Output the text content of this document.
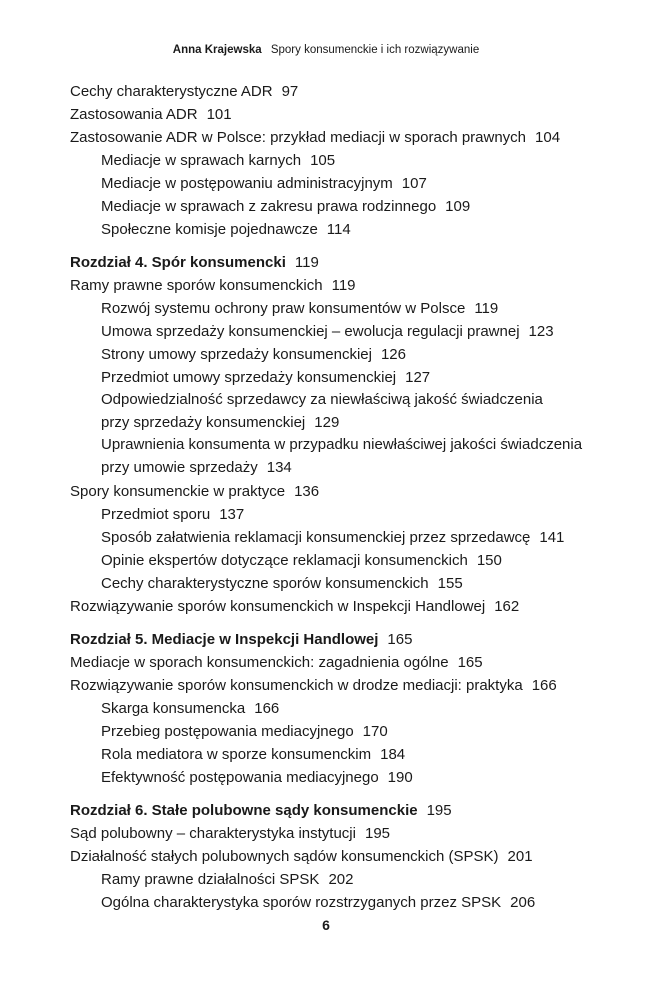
Anna Krajewska Spory konsumenckie i ich rozwiązywanie
Cechy charakterystyczne ADR 97
Zastosowania ADR 101
Zastosowanie ADR w Polsce: przykład mediacji w sporach prawnych 104
Mediacje w sprawach karnych 105
Mediacje w postępowaniu administracyjnym 107
Mediacje w sprawach z zakresu prawa rodzinnego 109
Społeczne komisje pojednawcze 114
Rozdział 4. Spór konsumencki 119
Ramy prawne sporów konsumenckich 119
Rozwój systemu ochrony praw konsumentów w Polsce 119
Umowa sprzedaży konsumenckiej – ewolucja regulacji prawnej 123
Strony umowy sprzedaży konsumenckiej 126
Przedmiot umowy sprzedaży konsumenckiej 127
Odpowiedzialność sprzedawcy za niewłaściwą jakość świadczenia
przy sprzedaży konsumenckiej 129
Uprawnienia konsumenta w przypadku niewłaściwej jakości świadczenia
przy umowie sprzedaży 134
Spory konsumenckie w praktyce 136
Przedmiot sporu 137
Sposób załatwienia reklamacji konsumenckiej przez sprzedawcę 141
Opinie ekspertów dotyczące reklamacji konsumenckich 150
Cechy charakterystyczne sporów konsumenckich 155
Rozwiązywanie sporów konsumenckich w Inspekcji Handlowej 162
Rozdział 5. Mediacje w Inspekcji Handlowej 165
Mediacje w sporach konsumenckich: zagadnienia ogólne 165
Rozwiązywanie sporów konsumenckich w drodze mediacji: praktyka 166
Skarga konsumencka 166
Przebieg postępowania mediacyjnego 170
Rola mediatora w sporze konsumenckim 184
Efektywność postępowania mediacyjnego 190
Rozdział 6. Stałe polubowne sądy konsumenckie 195
Sąd polubowny – charakterystyka instytucji 195
Działalność stałych polubownych sądów konsumenckich (SPSK) 201
Ramy prawne działalności SPSK 202
Ogólna charakterystyka sporów rozstrzyganych przez SPSK 206
6
